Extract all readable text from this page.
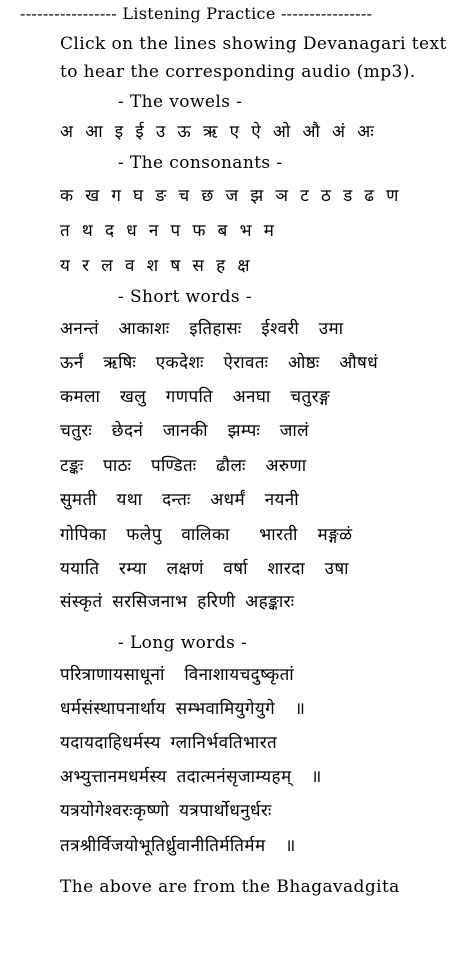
----------------- Listening Practice ----------------
Click on the lines showing Devanagari text
to hear the corresponding audio (mp3).
- The vowels -
अ आ इ ई उ ऊ ऋ ए ऐ ओ औ अं अः
- The consonants -
क ख ग घ ङ च छ ज झ ञ ट ठ ड ढ ण
त थ द ध न प फ ब भ म
य र ल व श ष स ह क्ष
- Short words -
अनन्तं  आकाशः  इतिहासः  ईश्वरी  उमा
ऊर्नं  ऋषिः  एकदेशः  ऐरावतः  ओष्ठः  औषधं
कमला  खलु  गणपति  अनघा  चतुरङ्ग
चतुरः  छेदनं  जानकी  झम्पः  जालं
टङ्कः  पाठः  पण्डितः  ढौलः  अरुणा
सुमती  यथा  दन्तः  अधर्मं  नयनी
गोपिका  फलेपु  वालिका   भारती  मङ्गळं
ययाति  रम्या  लक्षणं  वर्षा  शारदा  उषा
संस्कृतं सरसिजनाभ हरिणी अहङ्कारः
- Long words -
परित्राणायसाधूनां  विनाशायचदुष्कृतां
धर्मसंस्थापनार्थाय सम्भवामियुगेयुगे  ॥
यदायदाहिधर्मस्य ग्लानिर्भवतिभारत
अभ्युत्तानमधर्मस्य तदात्मनंसृजाम्यहम्  ॥
यत्रयोगेश्वरःकृष्णो यत्रपार्थोधनुर्धरः
तत्रश्रीर्विजयोभूतिर्ध्रुवानीतिर्मतिर्मम  ॥
The above are from the Bhagavadgita
